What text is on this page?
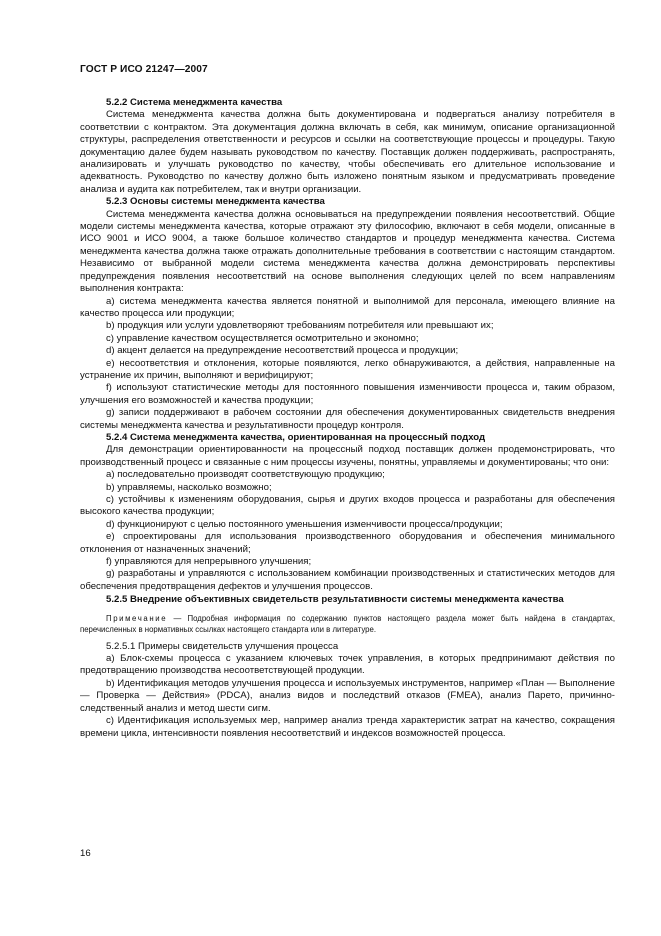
ГОСТ Р ИСО 21247—2007

5.2.2 Система менеджмента качества

Система менеджмента качества должна быть документирована и подвергаться анализу потребителя в соответствии с контрактом. Эта документация должна включать в себя, как минимум, описание организационной структуры, распределения ответственности и ресурсов и ссылки на соответствующие процессы и процедуры. Такую документацию далее будем называть руководством по качеству. Поставщик должен поддерживать, распространять, анализировать и улучшать руководство по качеству, чтобы обеспечивать его длительное использование и адекватность. Руководство по качеству должно быть изложено понятным языком и предусматривать проведение анализа и аудита как потребителем, так и внутри организации.

5.2.3 Основы системы менеджмента качества

Система менеджмента качества должна основываться на предупреждении появления несоответствий. Общие модели системы менеджмента качества, которые отражают эту философию, включают в себя модели, описанные в ИСО 9001 и ИСО 9004, а также большое количество стандартов и процедур менеджмента качества. Система менеджмента качества должна также отражать дополнительные требования в соответствии с настоящим стандартом. Независимо от выбранной модели система менеджмента качества должна демонстрировать перспективы предупреждения появления несоответствий на основе выполнения следующих целей по всем направлениям выполнения контракта:

a) система менеджмента качества является понятной и выполнимой для персонала, имеющего влияние на качество процесса или продукции;

b) продукция или услуги удовлетворяют требованиям потребителя или превышают их;

c) управление качеством осуществляется осмотрительно и экономно;

d) акцент делается на предупреждение несоответствий процесса и продукции;

e) несоответствия и отклонения, которые появляются, легко обнаруживаются, а действия, направленные на устранение их причин, выполняют и верифицируют;

f) используют статистические методы для постоянного повышения изменчивости процесса и, таким образом, улучшения его возможностей и качества продукции;

g) записи поддерживают в рабочем состоянии для обеспечения документированных свидетельств внедрения системы менеджмента качества и результативности процедур контроля.

5.2.4 Система менеджмента качества, ориентированная на процессный подход

Для демонстрации ориентированности на процессный подход поставщик должен продемонстрировать, что производственный процесс и связанные с ним процессы изучены, понятны, управляемы и документированы; что они:

a) последовательно производят соответствующую продукцию;

b) управляемы, насколько возможно;

c) устойчивы к изменениям оборудования, сырья и других входов процесса и разработаны для обеспечения высокого качества продукции;

d) функционируют с целью постоянного уменьшения изменчивости процесса/продукции;

e) спроектированы для использования производственного оборудования и обеспечения минимального отклонения от назначенных значений;

f) управляются для непрерывного улучшения;

g) разработаны и управляются с использованием комбинации производственных и статистических методов для обеспечения предотвращения дефектов и улучшения процессов.

5.2.5 Внедрение объективных свидетельств результативности системы менеджмента качества

Примечание — Подробная информация по содержанию пунктов настоящего раздела может быть найдена в стандартах, перечисленных в нормативных ссылках настоящего стандарта или в литературе.

5.2.5.1 Примеры свидетельств улучшения процесса

a) Блок-схемы процесса с указанием ключевых точек управления, в которых предпринимают действия по предотвращению производства несоответствующей продукции.

b) Идентификация методов улучшения процесса и используемых инструментов, например «План — Выполнение — Проверка — Действия» (PDCA), анализ видов и последствий отказов (FMEA), анализ Парето, причинно-следственный анализ и метод шести сигм.

c) Идентификация используемых мер, например анализ тренда характеристик затрат на качество, сокращения времени цикла, интенсивности появления несоответствий и индексов возможностей процесса.

16
